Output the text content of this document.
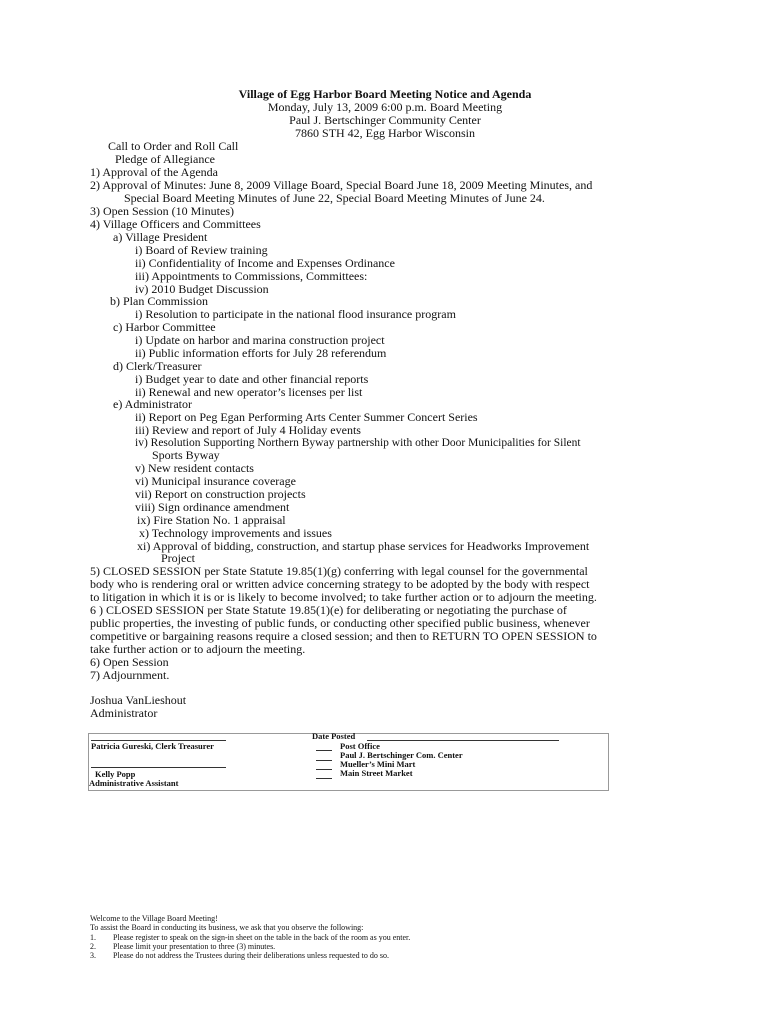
Village of Egg Harbor Board Meeting Notice and Agenda
Monday, July 13, 2009 6:00 p.m. Board Meeting
Paul J. Bertschinger Community Center
7860 STH 42, Egg Harbor Wisconsin
Call to Order and Roll Call
Pledge of Allegiance
1) Approval of the Agenda
2) Approval of Minutes: June 8, 2009 Village Board, Special Board June 18, 2009 Meeting Minutes, and
Special Board Meeting Minutes of June 22, Special Board Meeting Minutes of June 24.
3) Open Session (10 Minutes)
4) Village Officers and Committees
a) Village President
i) Board of Review training
ii) Confidentiality of Income and Expenses Ordinance
iii) Appointments to Commissions, Committees:
iv) 2010 Budget Discussion
b) Plan Commission
i) Resolution to participate in the national flood insurance program
c) Harbor Committee
i) Update on harbor and marina construction project
ii) Public information efforts for July 28 referendum
d) Clerk/Treasurer
i) Budget year to date and other financial reports
ii) Renewal and new operator’s licenses per list
e) Administrator
ii) Report on Peg Egan Performing Arts Center Summer Concert Series
iii) Review and report of July 4 Holiday events
iv) Resolution Supporting Northern Byway partnership with other Door Municipalities for Silent
Sports Byway
v) New resident contacts
vi) Municipal insurance coverage
vii) Report on construction projects
viii) Sign ordinance amendment
ix) Fire Station No. 1 appraisal
x) Technology improvements and issues
xi) Approval of bidding, construction, and startup phase services for Headworks Improvement
Project
5) CLOSED SESSION per State Statute 19.85(1)(g) conferring with legal counsel for the governmental
body who is rendering oral or written advice concerning strategy to be adopted by the body with respect
to litigation in which it is or is likely to become involved; to take further action or to adjourn the meeting.
6 ) CLOSED SESSION per State Statute 19.85(1)(e) for deliberating or negotiating the purchase of
public properties, the investing of public funds, or conducting other specified public business, whenever
competitive or bargaining reasons require a closed session; and then to RETURN TO OPEN SESSION to
take further action or to adjourn the meeting.
6) Open Session
7) Adjournment.
Joshua VanLieshout
Administrator
Patricia Gureski, Clerk Treasurer
Kelly Popp
Administrative Assistant
Date Posted
Post Office
Paul J. Bertschinger Com. Center
Mueller’s Mini Mart
Main Street Market
Welcome to the Village Board Meeting!
To assist the Board in conducting its business, we ask that you observe the following:
1. Please register to speak on the sign-in sheet on the table in the back of the room as you enter.
2. Please limit your presentation to three (3) minutes.
3. Please do not address the Trustees during their deliberations unless requested to do so.
